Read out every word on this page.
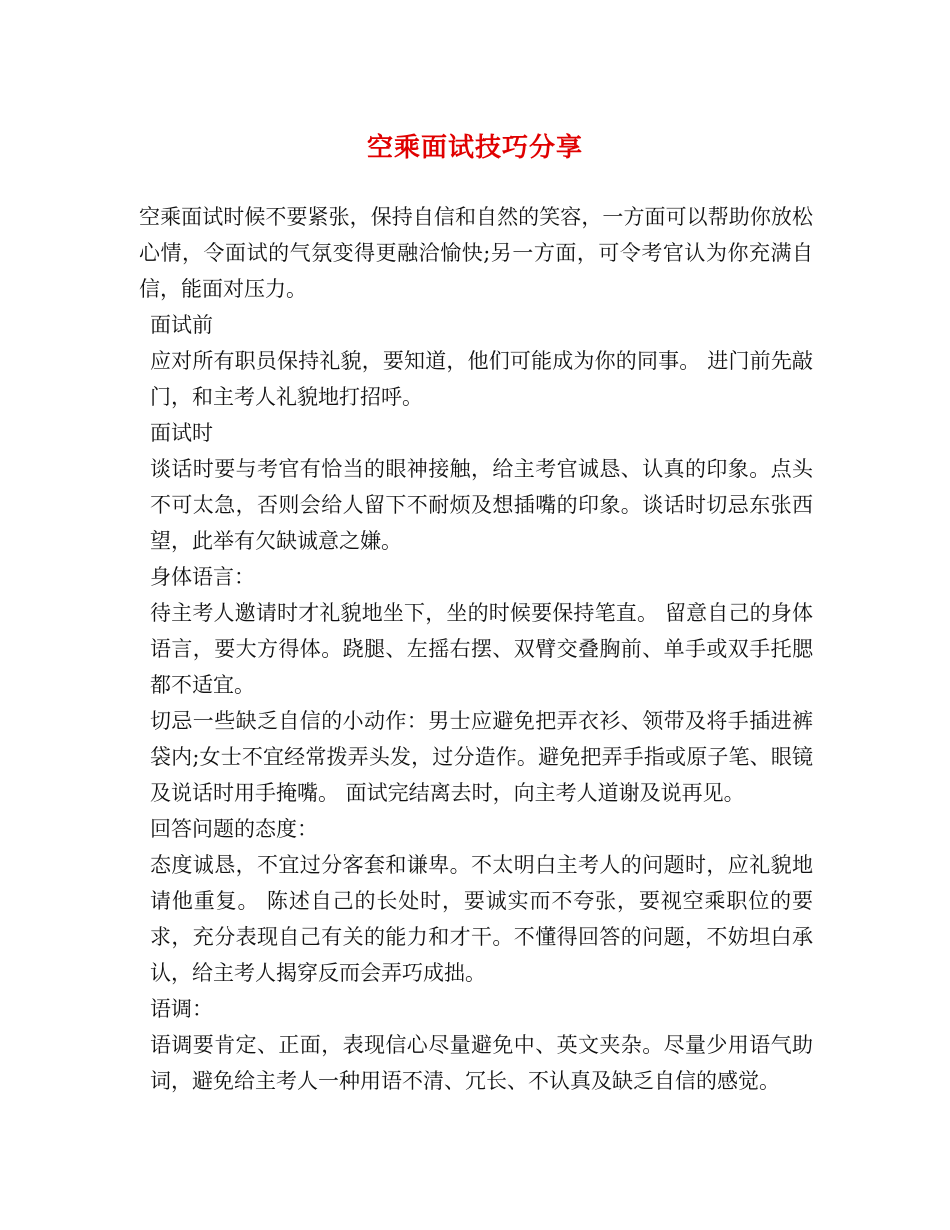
空乘面试技巧分享

空乘面试时候不要紧张，保持自信和自然的笑容，一方面可以帮助你放松心情，令面试的气氛变得更融洽愉快;另一方面，可令考官认为你充满自信，能面对压力。

面试前

应对所有职员保持礼貌，要知道，他们可能成为你的同事。 进门前先敲门，和主考人礼貌地打招呼。

面试时

谈话时要与考官有恰当的眼神接触，给主考官诚恳、认真的印象。点头不可太急，否则会给人留下不耐烦及想插嘴的印象。谈话时切忌东张西望，此举有欠缺诚意之嫌。

身体语言：

待主考人邀请时才礼貌地坐下，坐的时候要保持笔直。 留意自己的身体语言，要大方得体。跷腿、左摇右摆、双臂交叠胸前、单手或双手托腮都不适宜。

切忌一些缺乏自信的小动作：男士应避免把弄衣衫、领带及将手插进裤袋内;女士不宜经常拨弄头发，过分造作。避免把弄手指或原子笔、眼镜及说话时用手掩嘴。 面试完结离去时，向主考人道谢及说再见。

回答问题的态度：

态度诚恳，不宜过分客套和谦卑。不太明白主考人的问题时，应礼貌地请他重复。 陈述自己的长处时，要诚实而不夸张，要视空乘职位的要求，充分表现自己有关的能力和才干。不懂得回答的问题，不妨坦白承认，给主考人揭穿反而会弄巧成拙。

语调：

语调要肯定、正面，表现信心尽量避免中、英文夹杂。尽量少用语气助词，避免给主考人一种用语不清、冗长、不认真及缺乏自信的感觉。
